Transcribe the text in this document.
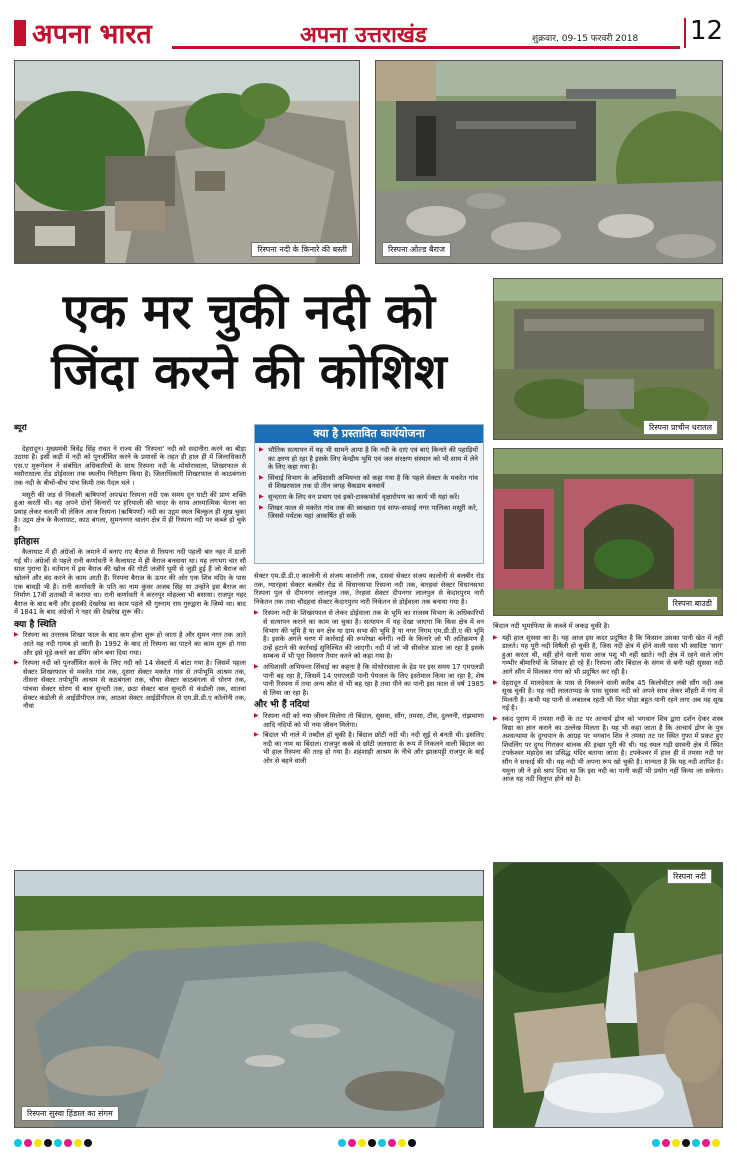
अपना भारत	अपना उत्तराखंड	शुक्रवार, 09-15 फरवरी 2018 12
रिस्पना नदी के किनारे की बस्ती	रिस्पना ओल्ड बैराज
एक मर चुकी नदी को
जिंदा करने की कोशिश
रिस्पना प्राचीन धरातल
रिस्पना बाउडी
ब्यूरो

देहरादून। मुख्यमंत्री त्रिवेंद्र सिंह रावत ने राज्य की 'रिस्पना' नदी को सदानीरा करने का बीड़ा उठाया है। इसी कड़ी में नदी को पुनर्जीवित करने के प्रयासों के तहत ही हाल ही में जिलाधिकारी एस.ए मुरूगेशन ने संबंधित अधिकारियों के साथ रिस्पना नदी के मोथोरावाला, शिखरफाल से मसौराधाला रोड डोईवाला तक स्थलीय निरीक्षण किया है। जिलाधिकारी शिखरफाल से काठबंगला तक नदी के बीचों-बीच पांच किमी तक पैदल चले ।

मसूरी की जड़ से निकली ऋषिपर्णा अपभ्रंश रिस्पना नदी एक समय दून घाटी की प्राण शक्ति हुआ करती थी। यह अपने दोनों किनारों पर हरियाली की चादर के साथ आध्यात्मिक चेतना का प्रवाह लेकर चलती थी लेकिन आज रिस्पना (ऋषिपर्णा) नदी का उद्गम स्थल बिल्कुल ही सूख चुका है। उद्गम क्षेत्र के कैलाघाट, काठ बंगला, सुमननगर चालंग क्षेत्र में ही रिस्पना नदी पर कब्जे हो चुके हैं।

इतिहास

कैलाघाट में ही अंग्रेजों के जमाने में बनाए गए बैराज से रिस्पना नदी पहली बार नहर में डाली गई थी। अंग्रेजों से पहले रानी कर्णावती ने कैलाघाट में ही बैराज बनवाया था। यह लगभग चार सौ साल पुराना है। वर्तमान में इस बैराज की खोज की गोटी जंजीरें घूमी से जुड़ी हुई हैं जो बैराज को खोलने और बंद करने के काम आती हैं। रिस्पना बैराज के ऊपर की ओर एक शिव मंदिर के पास एक बावड़ी भी है। रानी कर्णावती के पति का नाम कुंवर अजब सिंह था उन्होंने इस बैराज का निर्माण 17वीं शताब्दी में कराया था। रानी कर्णावती ने करनपुर मोहल्ला भी बसाया। राजपुर नहर बैराज के बाद बनी और इसकी देखरेख का काम पहले श्री गुरुराम राय गुरुद्वारा के जिम्मे था। बाद में 1841 के बाद अंग्रेजों ने नहर की देखरेख शुरू की।

क्या है स्थिति
▶ रिस्पना का उत्तरस्त्र शिखर फाल के बाद कम होना शुरू हो जाता है और सुमन नगर तक आते आते यह नदी गायब हो जाती है। 1992 के बाद तो रिस्पना का पाटने का काम शुरू हो गया और इसे मूड़े कचरे का डंपिंग जोन बना दिया गया।
▶ रिस्पना नदी को पुनर्जीवित करने के लिए नदी को 14 सेक्टरों में बांटा गया है। जिसमें पहला सेक्टर शिखरफाल से मकरेत गांव तक, दूसरा सेक्टर मकरेत गांव से तपोभूमि आश्रम तक, तीसरा सेक्टर तपोभूमि आश्रम से कठबंगला तक, चौथा सेक्टर काठबंगला से धोरण तक, पांचवा सेक्टर धोरण से बाल सुन्दरी तक, छठा सेक्टर बाल सुन्दरी से कंडोली तक, सातवां सेक्टर कंडोली से आईडीपीएल तक, आठवां सेक्टर आईडीपीएल से एम.डी.डी.ए कॉलोनी तक, नौवां
क्या है प्रस्तावित कार्ययोजना
▶ भौतिक सत्यापन में यह भी सामने आया है कि नदी के दाएं एवं बाएं किनारे की पहाड़ियों का क्षरण हो रहा है इसके लिए केन्द्रीय भूमि एवं जल संरक्षण संस्थान को भी साथ में लेने के लिए कहा गया है।
▶ सिंचाई विभाग के अधिशासी अभियन्ता को कहा गया है कि पहले सेक्टर के मकरेत गांव से शिखरफाल तक दो तीन जगह चैकडाम बनवायें
▶ सुन्दरता के लिए वन प्रभाग एवं इको-टास्कफोर्स वृक्षारोपण का कार्य भी यहां करें।
▶ शिखर फाल से मकरेत गांव तक की स्वच्छता एवं साफ-सफाई नगर पालिका मसूरी करे, जिससे पर्यटक यहां आकर्षित हो सकें

सेक्टर एम.डी.डी.ए कालोनी से संजय कालोनी तक, दसवां सेक्टर संजय कालोनी से बलबीर रोड तक, ग्यारहवां सेक्टर बलबीर रोड से विधानसभा रिस्पना नदी तक, बारहवां सेक्टर विधानसभा रिस्पना पुल से दीपनगर लालपुल तक, तेरहवां सेक्टर दीपनगर लालपुल से केदारपुरम नारी निकेतन तक तथा चौदहवां सेक्टर केदारपुरम नारी निकेतन से डोईवाला तक बनाया गया है।

▶ रिस्पना नदी के शिखरफाल से लेकर डोईवाला तक के भूमि का राजस्व विभाग के अधिकारियों से सत्यापन कराने का काम जा चुका है। सत्यापन में यह देखा जाएगा कि किस क्षेत्र में वन विभाग की भूमि है या वन क्षेत्र या ग्राम सभा की भूमि है या नगर निगम एम.डी.डी.ए की भूमि है। इसके अगले चरण में कार्रवाई की रूपरेखा बनेगी। नदी के किनारे जो भी अतिक्रमण है उन्हें हटाने की कार्रवाई सुनिश्चित की जाएगी। नदी में जो भी सीवरेज डाला जा रहा है इसके सम्बन्ध में भी पूरा विवरण तैयार करने को कहा गया है।
▶ अधिशासी अभियन्ता सिंचाई का कहना है कि मोथोरावाला के हेड पर इस समय 17 एमएलडी पानी बह रहा है, जिसमें 14 एमएलडी पानी पेयजल के लिए इस्तेमाल किया जा रहा है, शेष पानी रिस्पना में तथा अन्य स्रोत से भी बह रहा है तथा पीने का पानी इस फाल से वर्ष 1985 से लिया जा रहा है।
और भी हैं नदियां
▶ रिस्पना नदी को नया जीवन मिलेगा तो बिंदाल, सुसवा, सौंग, तमसा, टौंस, दुल्लनी, रांझमाणा आदि नदियों को भी नया जीवन मिलेगा।
▶ बिंदाल भी नाले में तब्दील हो चुकी है। बिंदाल छोटी नदी थी। नदी सूई से बनती थी। इसलिए नदी का नाम था बिंदाल। राजपुर कस्बे से छोटी जलधारा के रूप में निकलने वाली बिंदाल का भी हाल रिस्पना की तरह हो गया है। शहंशाही आश्रम के नीचे और झाकपट्टी राजपुर के बाईं ओर से बहने वाली

बिंदाल नदी भूमाफिया के कब्जे में जकड़ चुकी है।

▶ यही हाल सुसवा का है। यह आज इस कदर प्रदूषित है कि किसान उसका पानी खेत में नहीं डालते। यह पूरी नदी विषैली हो चुकी है, जिस नदी क्षेत्र में होने वाली घास भी स्वादिष्ट 'साग' हुआ करता थी, वहीं होने वाली घास आज पशु भी नहीं खाते। नदी क्षेत्र में रहने वाले लोग गम्भीर बीमारियों के शिकार हो रहे हैं। रिस्पना और बिंदाल के संगम से बनी यही सुसवा नदी आगे सौंग में मिलकर गंगा को भी प्रदूषित कर रही है।
▶ देहरादून में मालदेवता के पास से निकलने वाली करीब 45 किलोमीटर लंबी सौंग नदी अब सूख चुकी है। यह नदी लालतप्पड़ के पास सुसवा नदी को अपने साथ लेकर मौहरी में गंगा में मिलती है। कभी यह पानी से लबालब रहती थी फिर थोड़ा बहुत पानी रहने लगा अब यह सूख गई है।
▶ स्कंद पुराण में तमसा नदी के तट पर आचार्य द्रोण को भगवान शिव द्वारा दर्शन देकर शस्त्र विद्या का ज्ञान कराने का उल्लेख मिलता है। यह भी कहा जाता है कि आचार्य द्रोण के पुत्र अश्वत्थामा के दुग्धपान के आग्रह पर भगवान शिव ने तमसा तट पर स्थित गुफा में प्रकट हुए शिवलिंग पर दुग्ध गिराकर बालक की इच्छा पूरी की थी। यह स्थल गढ़ी छावनी क्षेत्र में स्थित टपकेश्वर महादेव का प्रसिद्ध मंदिर बताया जाता है। टपकेश्वर में हाल ही में तमसा नदी पर सौंग ने सफाई की थी। यह नदी भी अपना रूप खो चुकी है। मान्यता है कि यह नदी शापित है। यमुना जी ने इसे श्राप दिया था कि इस नदी का पानी कहीं भी प्रयोग नहीं किया जा सकेगा। आज यह नदी विलुप्त होने को है।
रिस्पना सुस्वा हिंडाल का संगम
रिस्पना नदी
